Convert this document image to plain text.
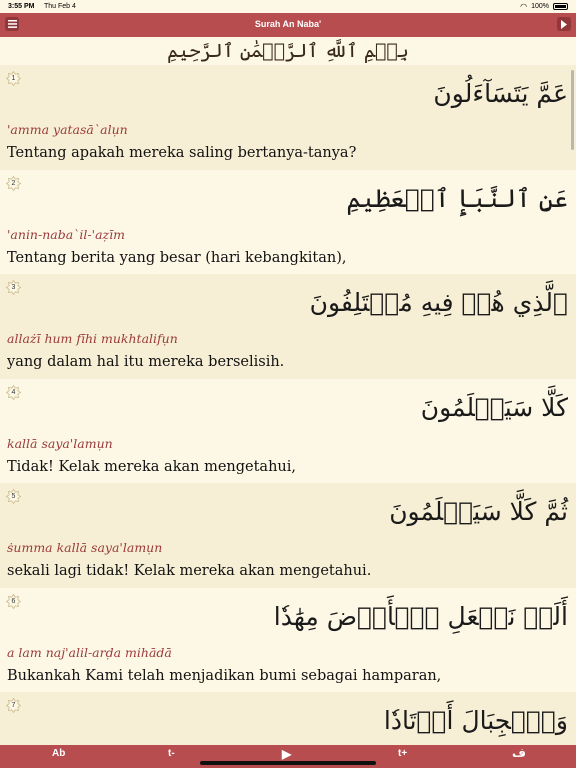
3:55 PM Thu Feb 4	◠ 100%
Surah An Naba'
بِسۡمِ ٱللَّهِ ٱلرَّحۡمَٰنِ ٱلرَّحِيمِ
1
عَمَّ يَتَسَآءَلُونَ
'amma yatasā`alụn
Tentang apakah mereka saling bertanya-tanya?
2
عَنِ ٱلنَّبَإِ ٱلۡعَظِيمِ
'anin-naba`il-'aẓīm
Tentang berita yang besar (hari kebangkitan),
3
ٱلَّذِي هُمۡ فِيهِ مُخۡتَلِفُونَ
allażī hum fīhi mukhtalifụn
yang dalam hal itu mereka berselisih.
4
كَلَّا سَيَعۡلَمُونَ
kallā saya'lamụn
Tidak! Kelak mereka akan mengetahui,
5
ثُمَّ كَلَّا سَيَعۡلَمُونَ
ṡumma kallā saya'lamụn
sekali lagi tidak! Kelak mereka akan mengetahui.
6
أَلَمۡ نَجۡعَلِ ٱلۡأَرۡضَ مِهَٰدٗا
a lam naj'alil-arḍa mihādā
Bukankah Kami telah menjadikan bumi sebagai hamparan,
7
وَٱلۡجِبَالَ أَوۡتَادٗا
Ab	t-	▶	t+	ف
